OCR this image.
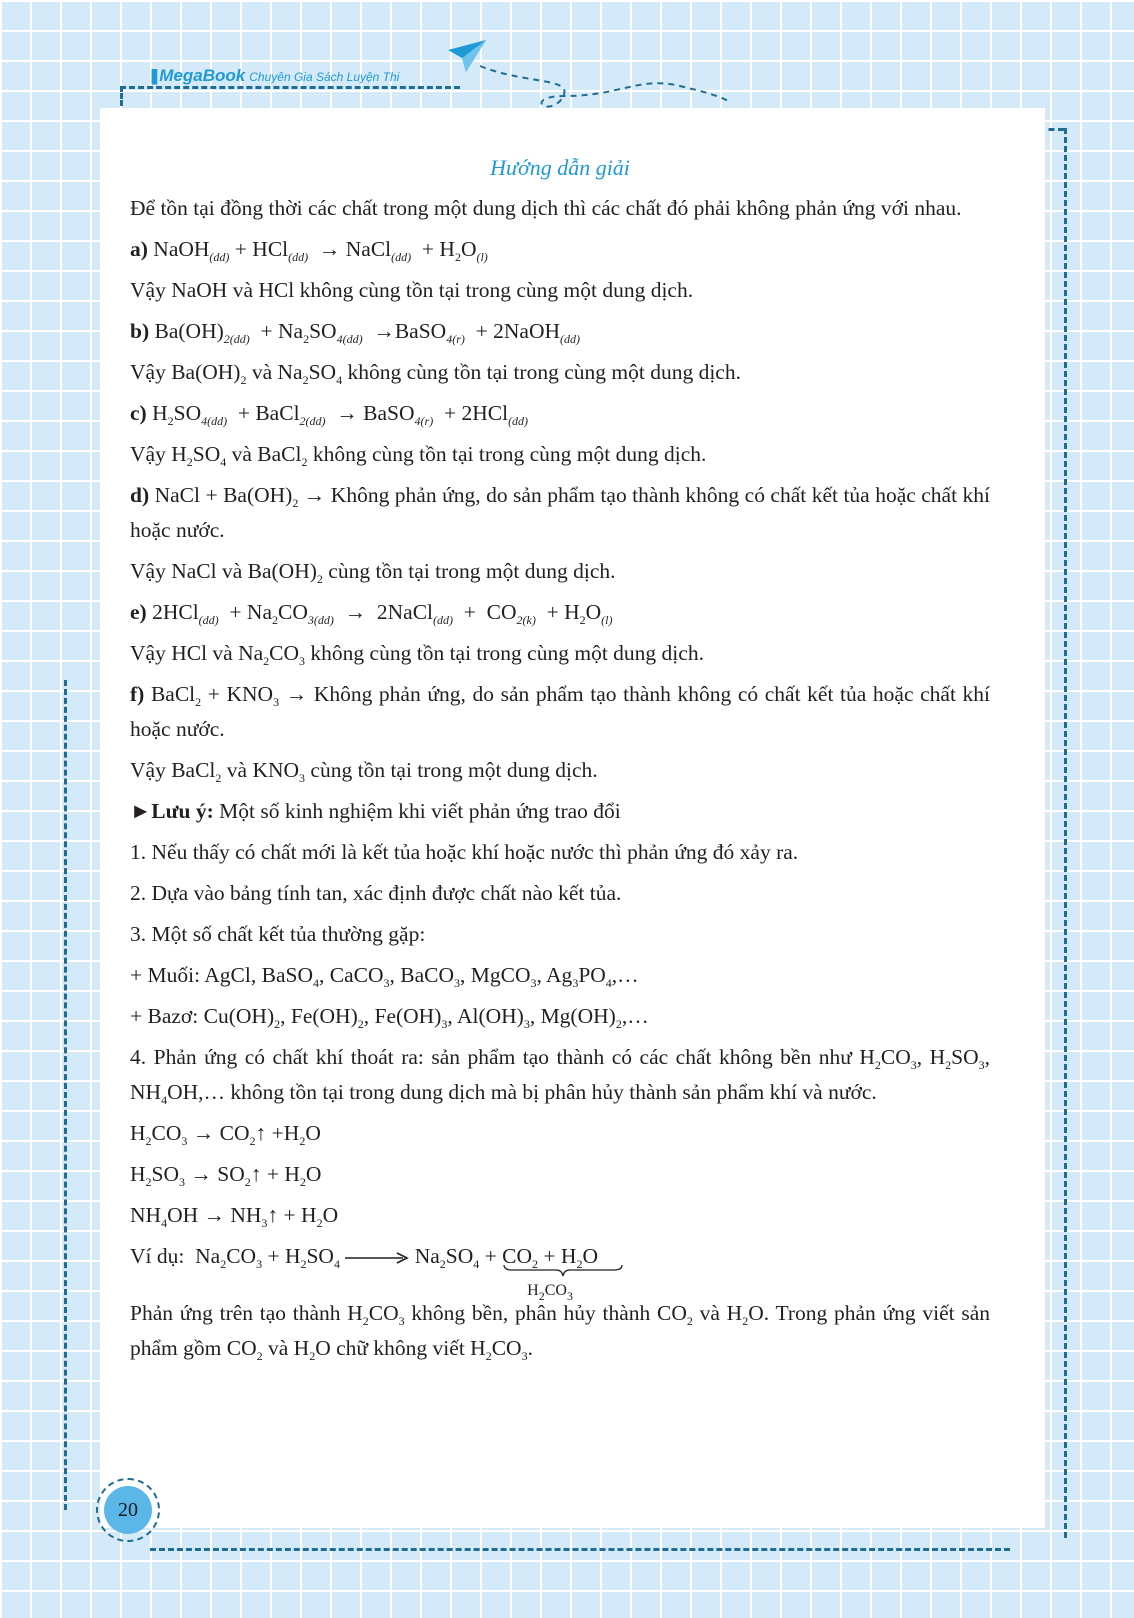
||| MegaBook Chuyên Gia Sách Luyện Thi
Hướng dẫn giải

Để tồn tại đồng thời các chất trong một dung dịch thì các chất đó phải không phản ứng với nhau.

a) NaOH$_{(dd)}$ + HCl$_{(dd)}$  → NaCl$_{(dd)}$  + $H_2O_{(l)}$

Vậy NaOH và HCl không cùng tồn tại trong cùng một dung dịch.

b) $Ba(OH)_{2(dd)} + Na_2SO_{4(dd)}$  →BaSO$_{4(r)}$  + 2NaOH$_{(dd)}$

Vậy $Ba(OH)_2$ và $Na_2SO_4$ không cùng tồn tại trong cùng một dung dịch.

c) $H_2SO_{4(dd)}$  + BaCl$_{2(dd)}$  → BaSO$_{4(r)}$  + 2HCl$_{(dd)}$

Vậy $H_2SO_4$ và BaCl$_2$ không cùng tồn tại trong cùng một dung dịch.

d) NaCl + $Ba(OH)_2$ → Không phản ứng, do sản phẩm tạo thành không có chất kết tủa hoặc chất khí hoặc nước.

Vậy NaCl và $Ba(OH)_2$ cùng tồn tại trong một dung dịch.

e) $2HCl_{(dd)} + Na_2CO_{3(dd)}$  →  2NaCl$_{(dd)}$  +  $CO_{2(k)} + H_2O_{(l)}$

Vậy HCl và $Na_2CO_3$ không cùng tồn tại trong cùng một dung dịch.

f) BaCl$_2$ + $KNO_3$ → Không phản ứng, do sản phẩm tạo thành không có chất kết tủa hoặc chất khí hoặc nước.

Vậy BaCl$_2$ và $KNO_3$ cùng tồn tại trong một dung dịch.

►Lưu ý: Một số kinh nghiệm khi viết phản ứng trao đổi

1. Nếu thấy có chất mới là kết tủa hoặc khí hoặc nước thì phản ứng đó xảy ra.

2. Dựa vào bảng tính tan, xác định được chất nào kết tủa.

3. Một số chất kết tủa thường gặp:

+ Muối: AgCl, BaSO$_4$, CaCO$_3$, BaCO$_3$, MgCO$_3$, $Ag_3PO_4,\dots$

+ Bazơ: $Cu(OH)_2$, $Fe(OH)_2$, $Fe(OH)_3$, $Al(OH)_3$, $Mg(OH)_2,\dots$

4. Phản ứng có chất khí thoát ra: sản phẩm tạo thành có các chất không bền như $H_2CO_3$, $H_2SO_3$, $NH_4OH,\dots$ không tồn tại trong dung dịch mà bị phân hủy thành sản phẩm khí và nước.

$H_2CO_3$ → $CO_2↑ +H_2O$

$H_2SO_3$ → $SO_2↑ + H_2O$

$NH_4OH$ → $NH_3↑ + H_2O$

Ví dụ:  $Na_2CO_3 + H_2SO_4$	$Na_2SO_4 + CO_2 + H_2O$
$H_2CO_3$

Phản ứng trên tạo thành $H_2CO_3$ không bền, phân hủy thành $CO_2$ và $H_2O$. Trong phản ứng viết sản phẩm gồm $CO_2$ và $H_2O$ chữ không viết $H_2CO_3$.

20
